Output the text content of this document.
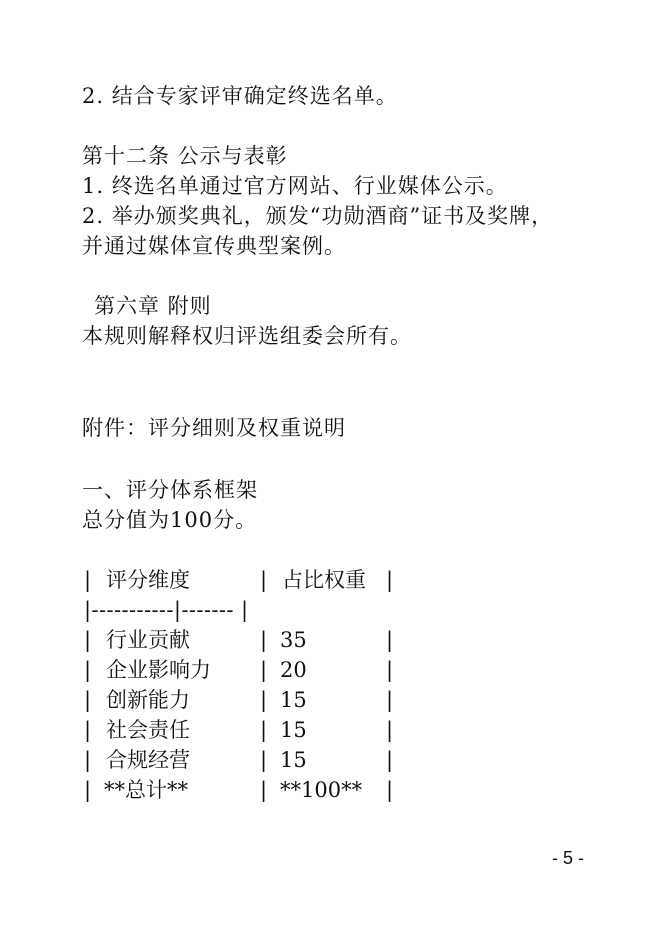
2. 结合专家评审确定终选名单。
第十二条 公示与表彰
1. 终选名单通过官方网站、行业媒体公示。
2. 举办颁奖典礼，颁发“功勋酒商”证书及奖牌，
并通过媒体宣传典型案例。
第六章 附则
本规则解释权归评选组委会所有。
附件：评分细则及权重说明
一、评分体系框架
总分值为100分。
| 评分维度	| 占比权重 |
|-----------|------- |
| 行业贡献	| 35	|
| 企业影响力 | 20	|
| 创新能力	| 15	|
| 社会责任	| 15	|
| 合规经营	| 15	|
| **总计**	| **100** |
- 5 -
